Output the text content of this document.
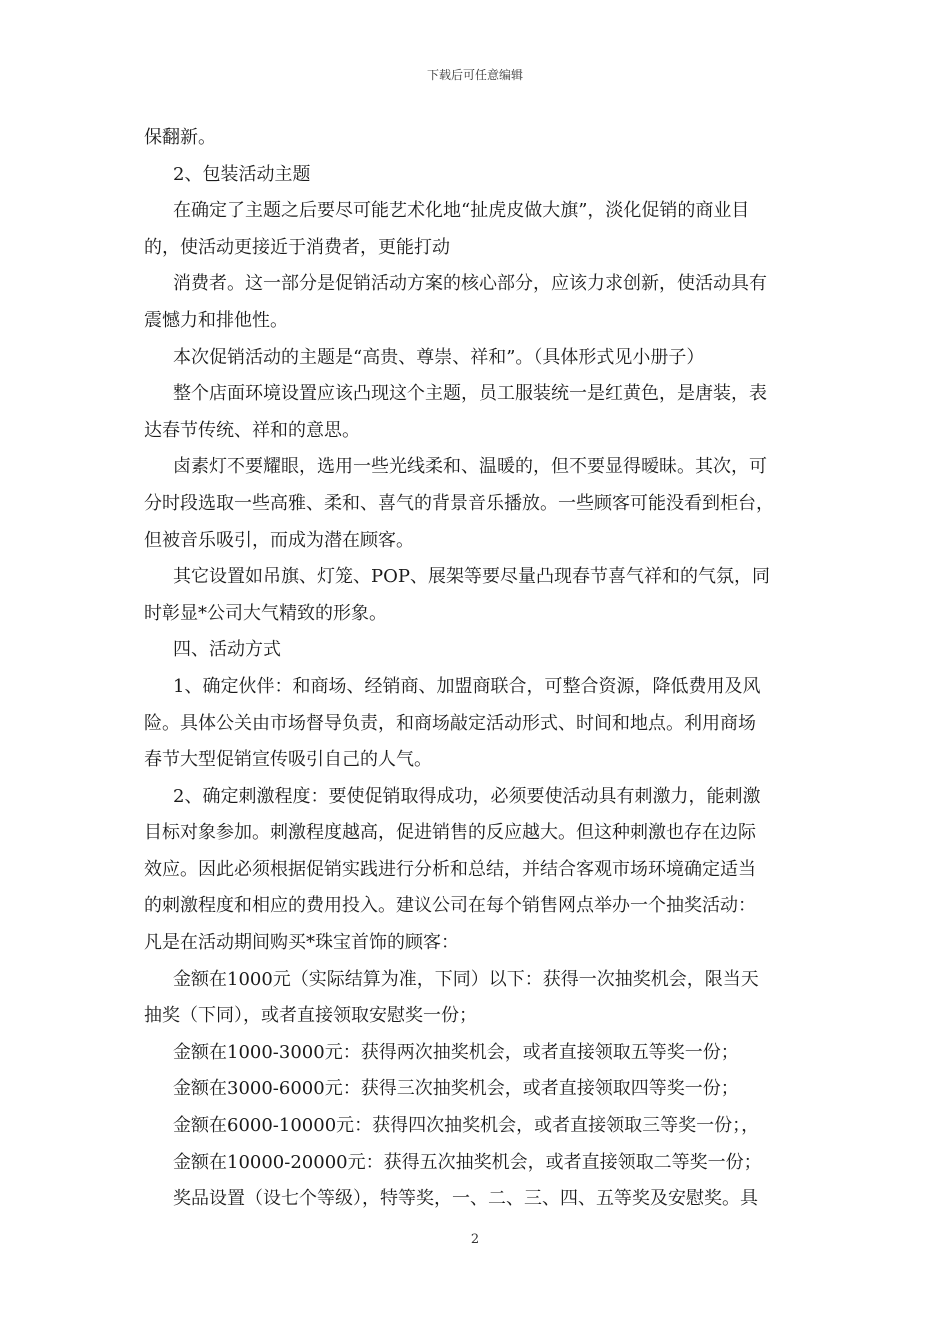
下载后可任意编辑
保翻新。
2、包装活动主题
在确定了主题之后要尽可能艺术化地“扯虎皮做大旗”，淡化促销的商业目
的，使活动更接近于消费者，更能打动
消费者。这一部分是促销活动方案的核心部分，应该力求创新，使活动具有
震憾力和排他性。
本次促销活动的主题是“高贵、尊崇、祥和”。（具体形式见小册子）
整个店面环境设置应该凸现这个主题，员工服装统一是红黄色，是唐装，表
达春节传统、祥和的意思。
卤素灯不要耀眼，选用一些光线柔和、温暖的，但不要显得暧昧。其次，可
分时段选取一些高雅、柔和、喜气的背景音乐播放。一些顾客可能没看到柜台，
但被音乐吸引，而成为潜在顾客。
其它设置如吊旗、灯笼、POP、展架等要尽量凸现春节喜气祥和的气氛，同
时彰显*公司大气精致的形象。
四、活动方式
1、确定伙伴：和商场、经销商、加盟商联合，可整合资源，降低费用及风
险。具体公关由市场督导负责，和商场敲定活动形式、时间和地点。利用商场
春节大型促销宣传吸引自己的人气。
2、确定刺激程度：要使促销取得成功，必须要使活动具有刺激力，能刺激
目标对象参加。刺激程度越高，促进销售的反应越大。但这种刺激也存在边际
效应。因此必须根据促销实践进行分析和总结，并结合客观市场环境确定适当
的刺激程度和相应的费用投入。建议公司在每个销售网点举办一个抽奖活动：
凡是在活动期间购买*珠宝首饰的顾客：
金额在1000元（实际结算为准，下同）以下：获得一次抽奖机会，限当天
抽奖（下同），或者直接领取安慰奖一份；
金额在1000-3000元：获得两次抽奖机会，或者直接领取五等奖一份；
金额在3000-6000元：获得三次抽奖机会，或者直接领取四等奖一份；
金额在6000-10000元：获得四次抽奖机会，或者直接领取三等奖一份；，
金额在10000-20000元：获得五次抽奖机会，或者直接领取二等奖一份；
奖品设置（设七个等级），特等奖，一、二、三、四、五等奖及安慰奖。具
2
